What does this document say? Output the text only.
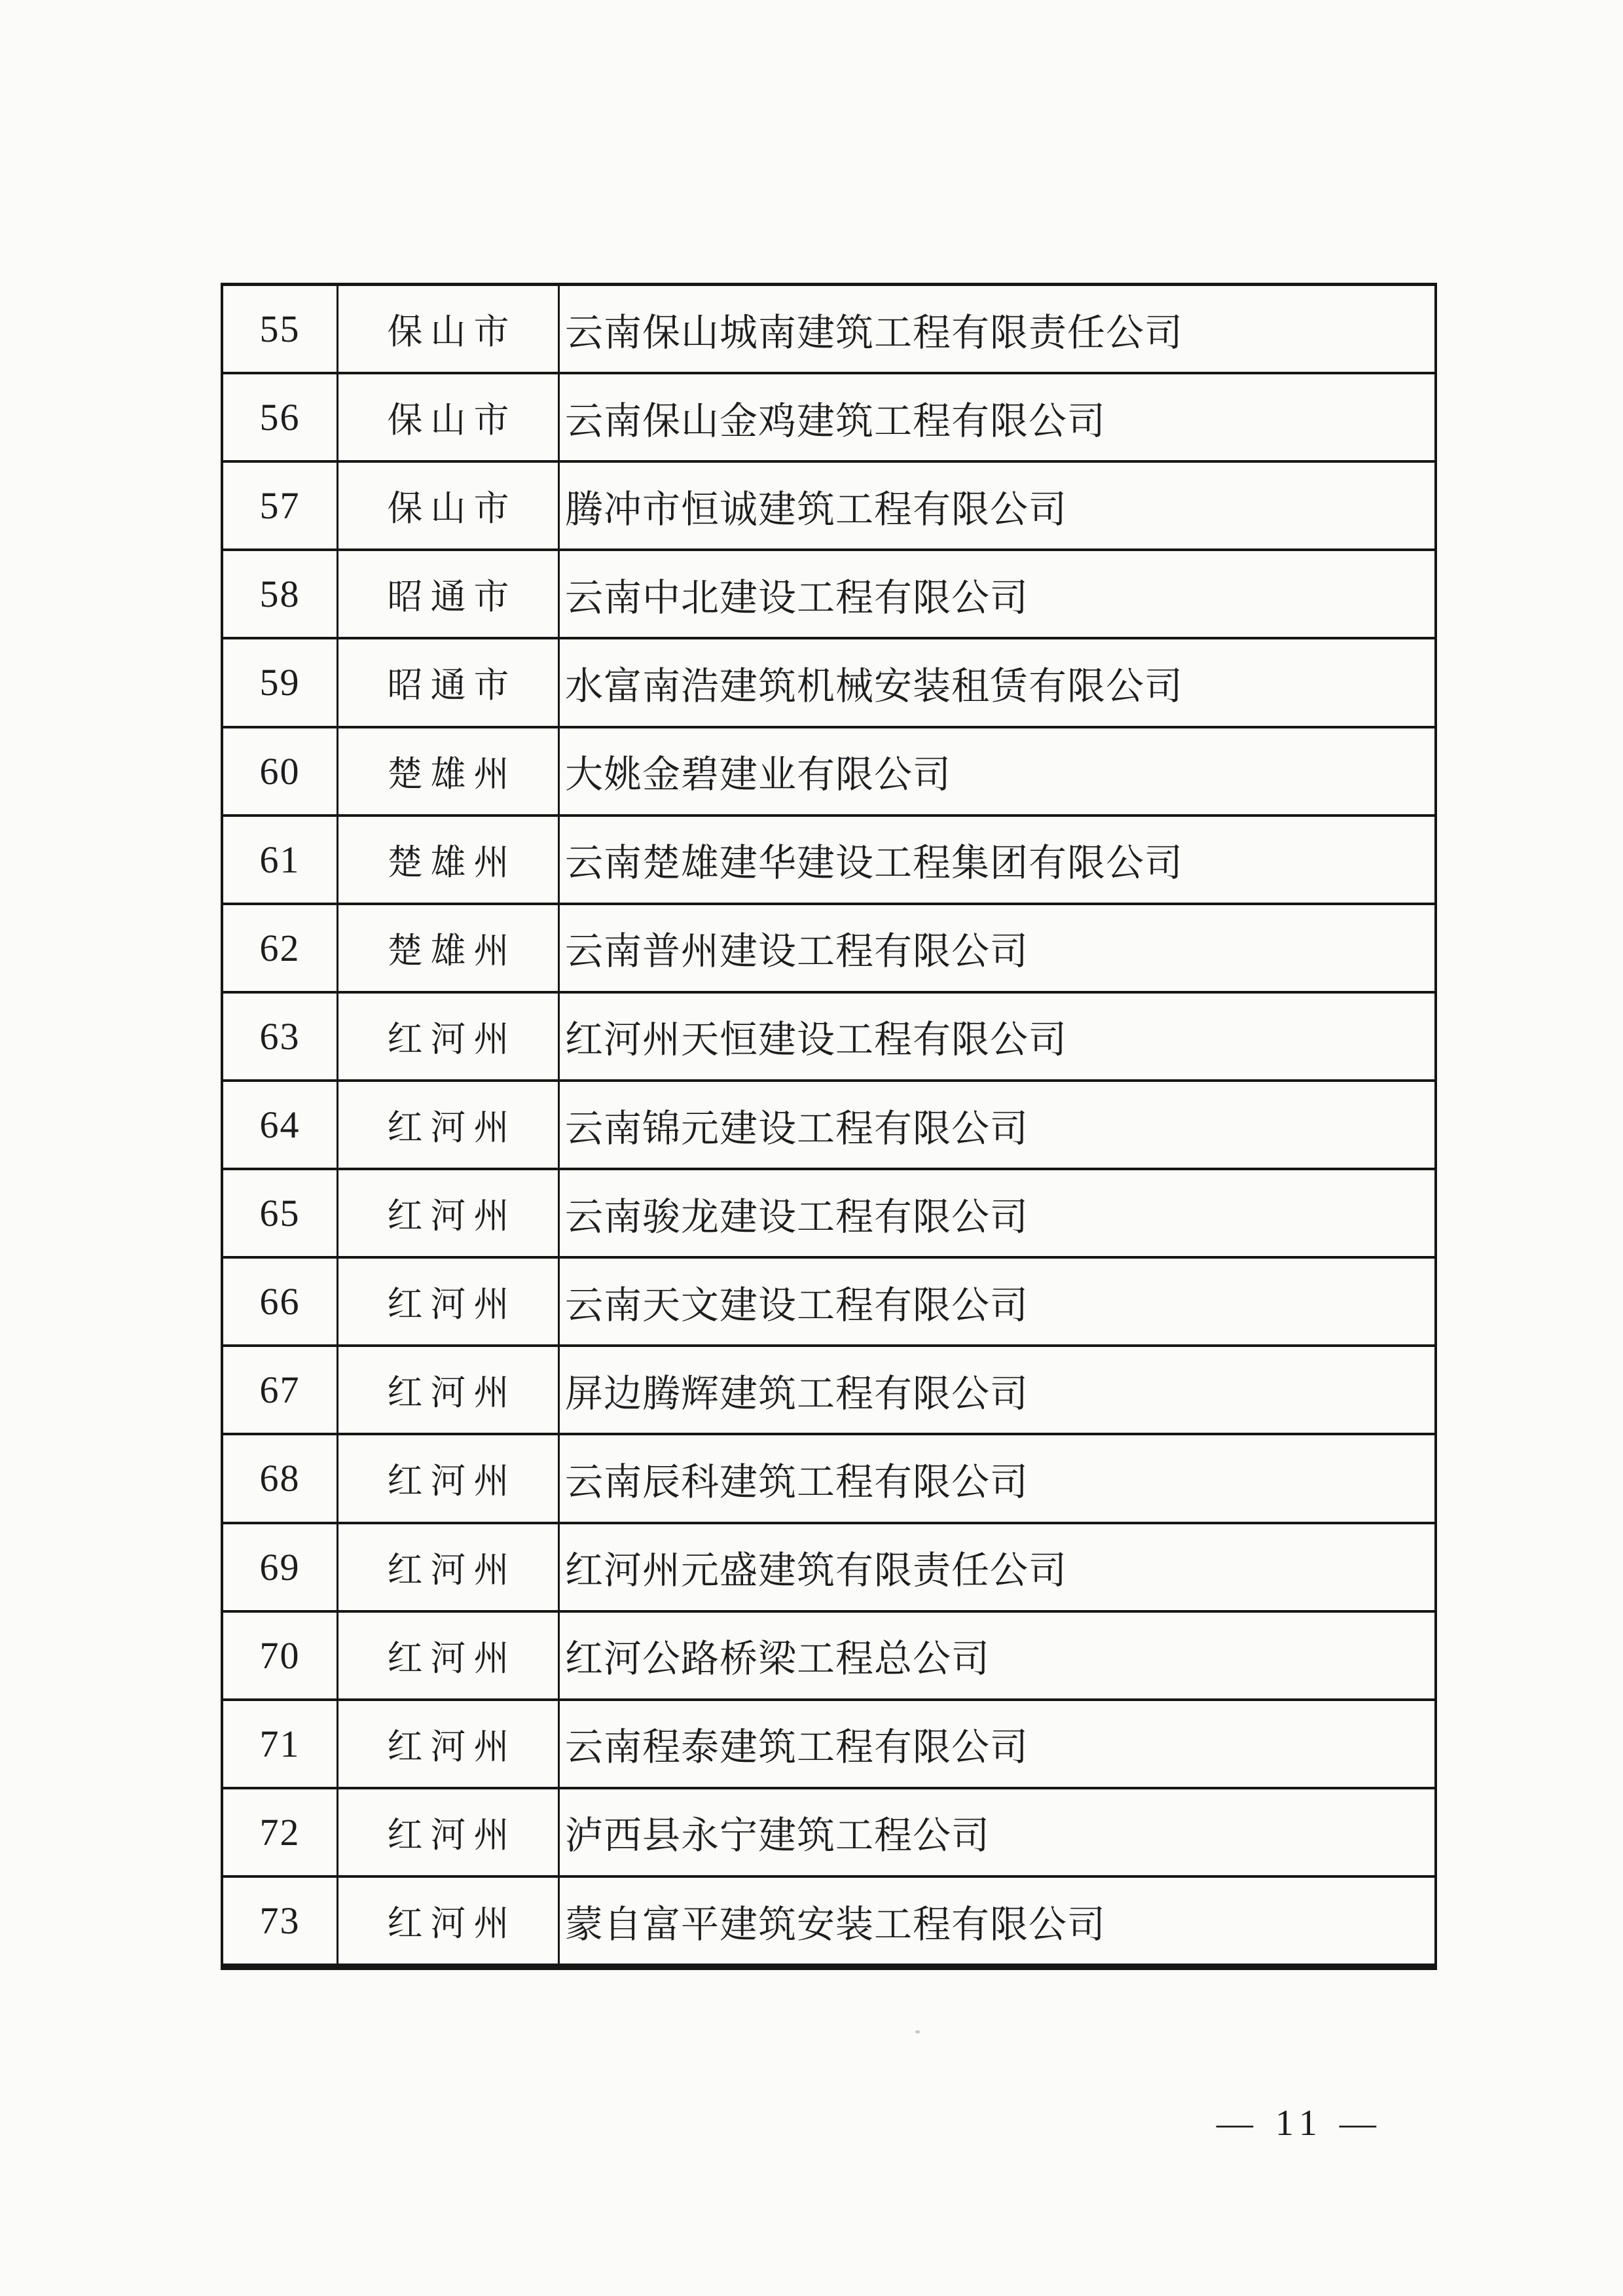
55	保山市	云南保山城南建筑工程有限责任公司
56	保山市	云南保山金鸡建筑工程有限公司
57	保山市	腾冲市恒诚建筑工程有限公司
58	昭通市	云南中北建设工程有限公司
59	昭通市	水富南浩建筑机械安装租赁有限公司
60	楚雄州	大姚金碧建业有限公司
61	楚雄州	云南楚雄建华建设工程集团有限公司
62	楚雄州	云南普州建设工程有限公司
63	红河州	红河州天恒建设工程有限公司
64	红河州	云南锦元建设工程有限公司
65	红河州	云南骏龙建设工程有限公司
66	红河州	云南天文建设工程有限公司
67	红河州	屏边腾辉建筑工程有限公司
68	红河州	云南辰科建筑工程有限公司
69	红河州	红河州元盛建筑有限责任公司
70	红河州	红河公路桥梁工程总公司
71	红河州	云南程泰建筑工程有限公司
72	红河州	泸西县永宁建筑工程公司
73	红河州	蒙自富平建筑安装工程有限公司
— 11 —
